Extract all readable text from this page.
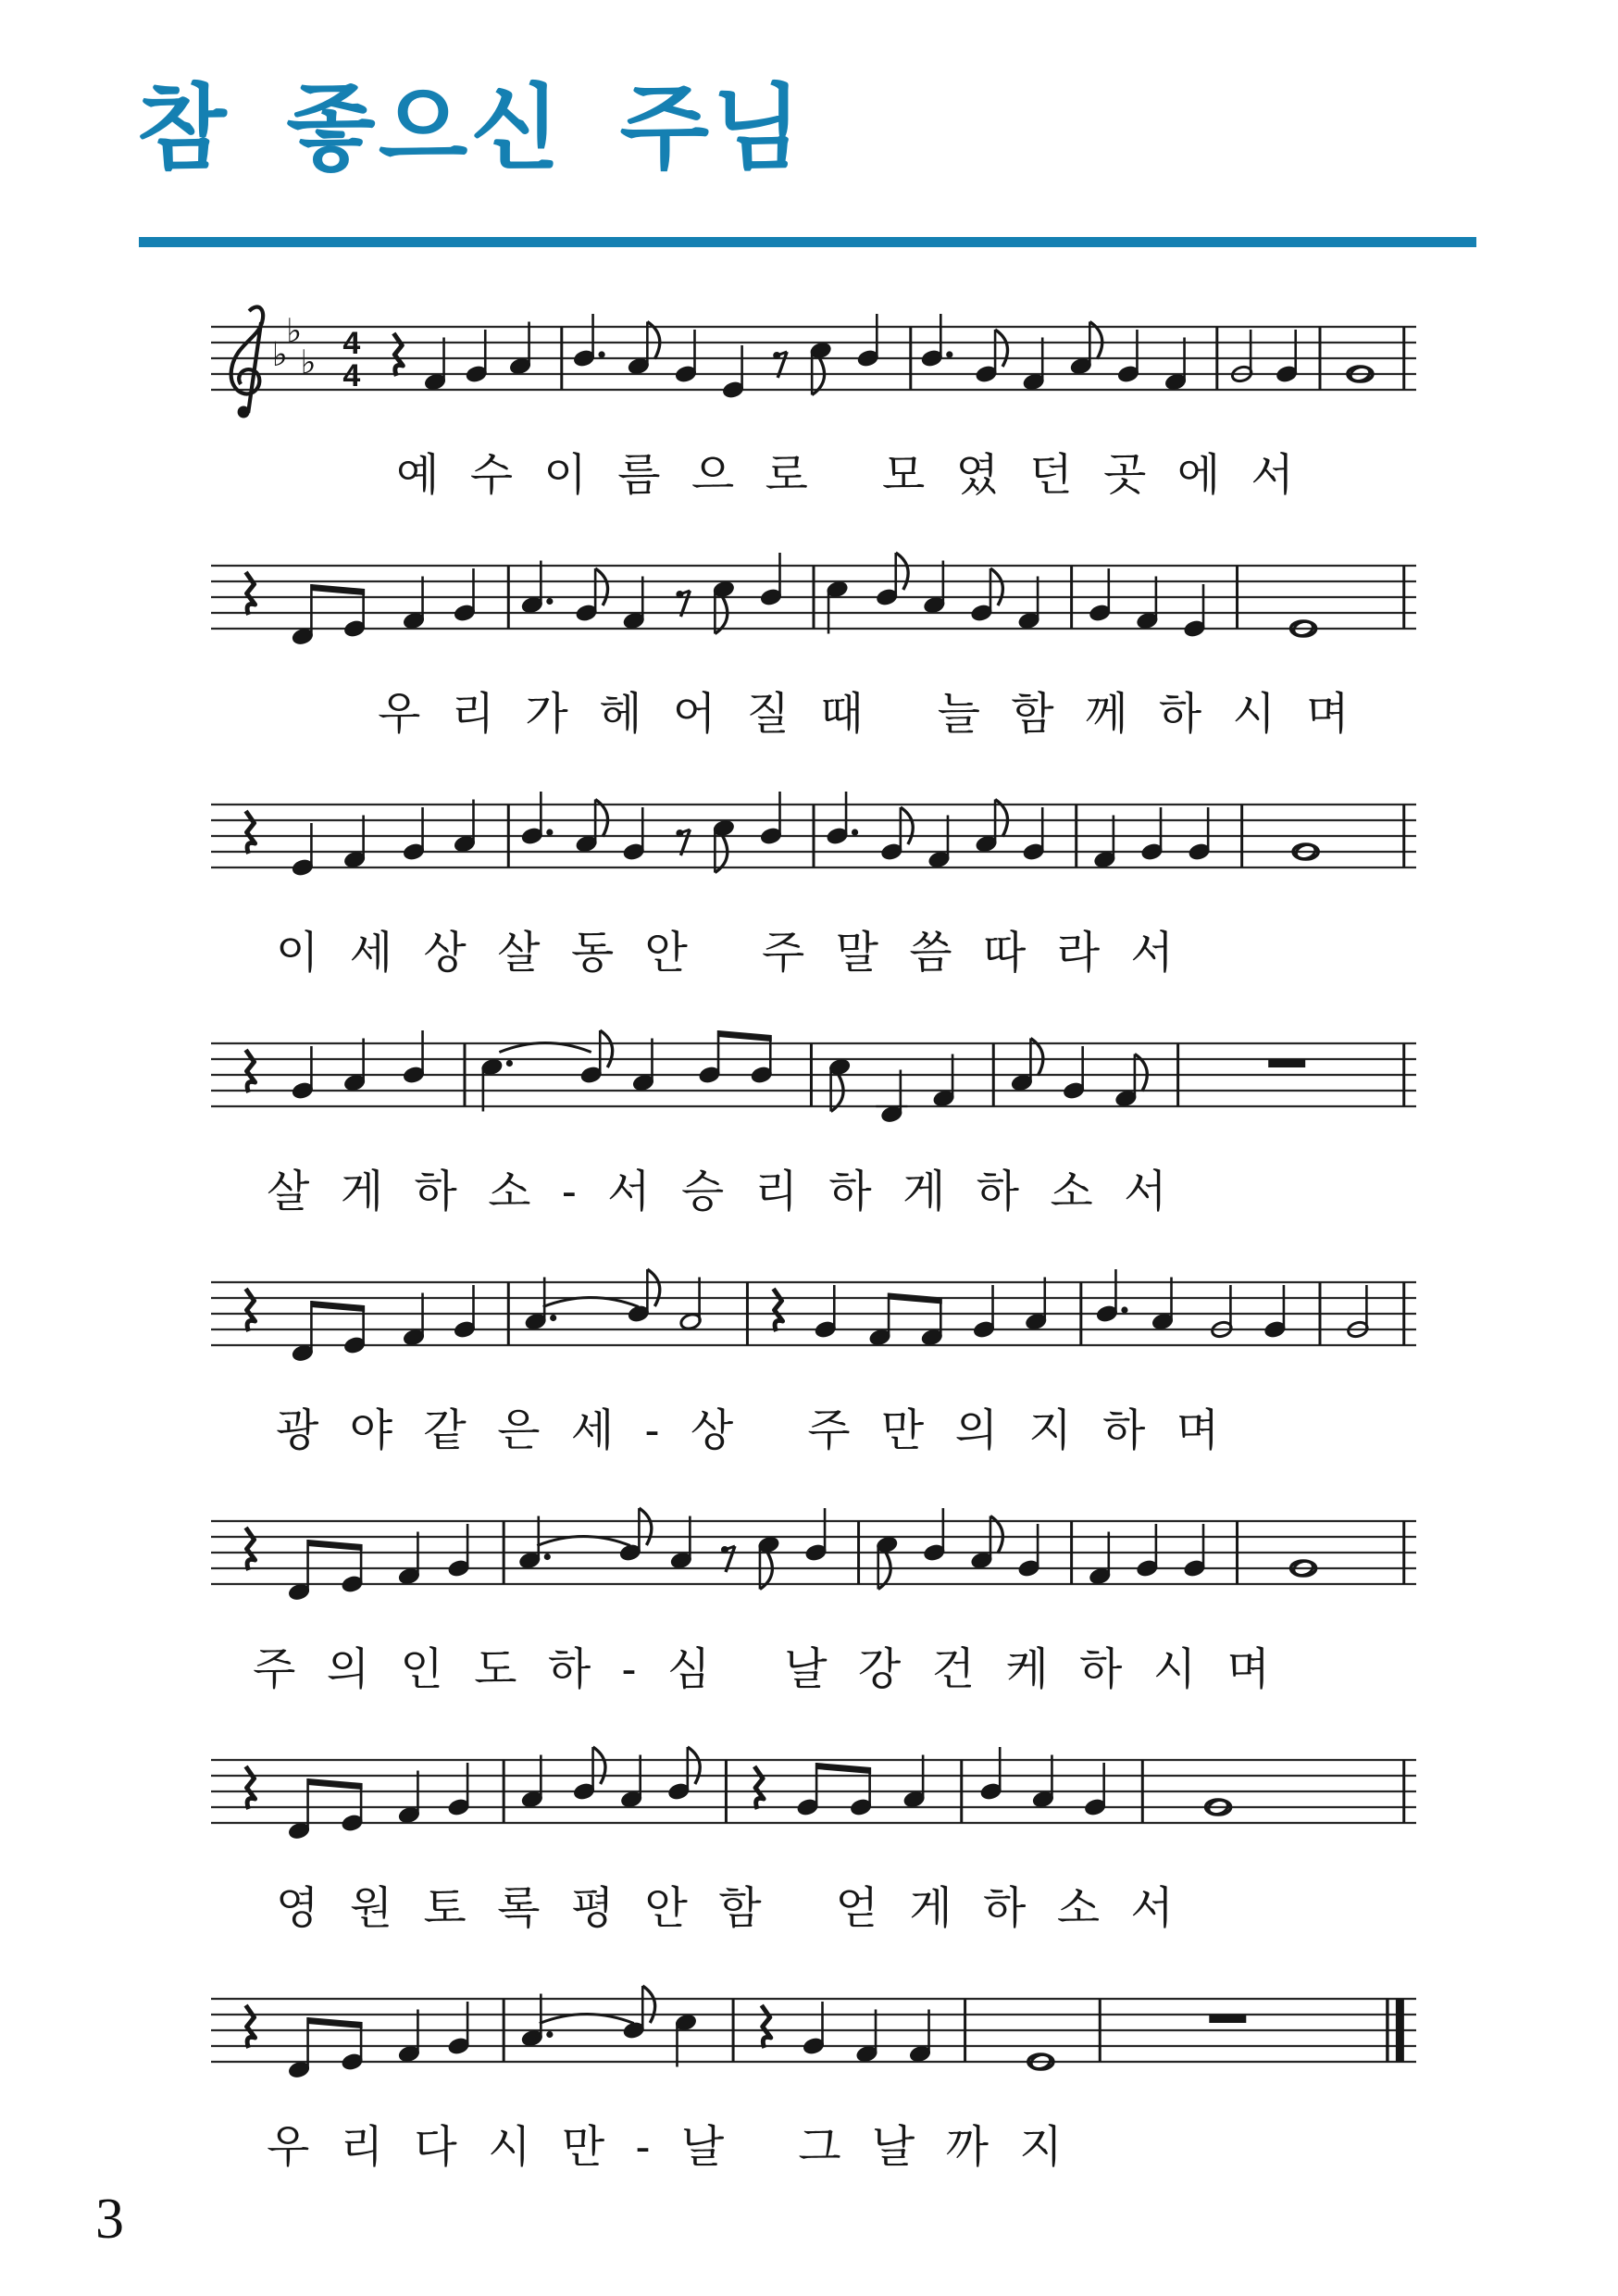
참  좋으신  주님
♭
♭
♭ 4
4
예 수 이 름 으 로   모 였 던 곳 에 서
우 리 가 헤 어 질 때   늘 함 께 하 시 며
이 세 상 살 동 안   주 말 씀 따 라 서
살 게 하 소 - 서 승 리 하 게 하 소 서
광 야 같 은 세 - 상   주 만 의 지 하 며
주 의 인 도 하 - 심   날 강 건 케 하 시 며
영 원 토 록 평 안 함   얻 게 하 소 서
우 리 다 시 만 - 날   그 날 까 지
3
